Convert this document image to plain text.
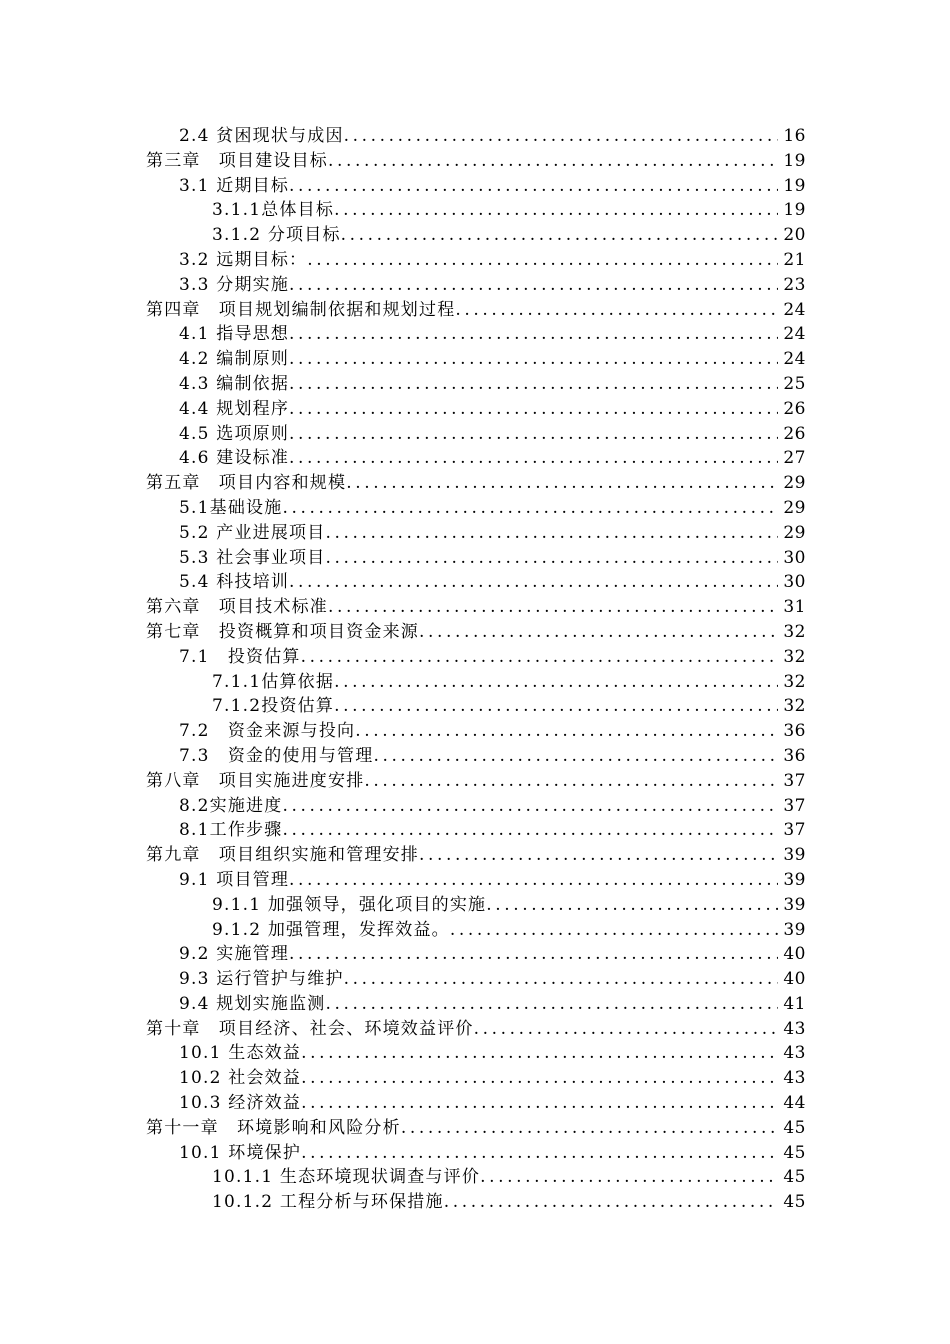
2.4 贫困现状与成因 .....	16
第三章　项目建设目标 .....	19
3.1 近期目标 .....	19
3.1.1总体目标 .....	19
3.1.2 分项目标 .....	20
3.2 远期目标： .....	21
3.3 分期实施 .....	23
第四章　项目规划编制依据和规划过程 .....	24
4.1 指导思想 .....	24
4.2 编制原则 .....	24
4.3 编制依据 .....	25
4.4 规划程序 .....	26
4.5 选项原则 .....	26
4.6 建设标准 .....	27
第五章　项目内容和规模 .....	29
5.1基础设施 .....	29
5.2 产业进展项目 .....	29
5.3 社会事业项目 .....	30
5.4 科技培训 .....	30
第六章　项目技术标准 .....	31
第七章　投资概算和项目资金来源 .....	32
7.1　投资估算 .....	32
7.1.1估算依据 .....	32
7.1.2投资估算 .....	32
7.2　资金来源与投向 .....	36
7.3　资金的使用与管理 .....	36
第八章　项目实施进度安排 .....	37
8.2实施进度 .....	37
8.1工作步骤 .....	37
第九章　项目组织实施和管理安排 .....	39
9.1 项目管理 .....	39
9.1.1 加强领导，强化项目的实施 .....	39
9.1.2 加强管理，发挥效益。 .....	39
9.2 实施管理 .....	40
9.3 运行管护与维护 .....	40
9.4 规划实施监测 .....	41
第十章　项目经济、社会、环境效益评价 .....	43
10.1 生态效益 .....	43
10.2 社会效益 .....	43
10.3 经济效益 .....	44
第十一章　环境影响和风险分析 .....	45
10.1 环境保护 .....	45
10.1.1 生态环境现状调查与评价 .....	45
10.1.2 工程分析与环保措施 .....	45
